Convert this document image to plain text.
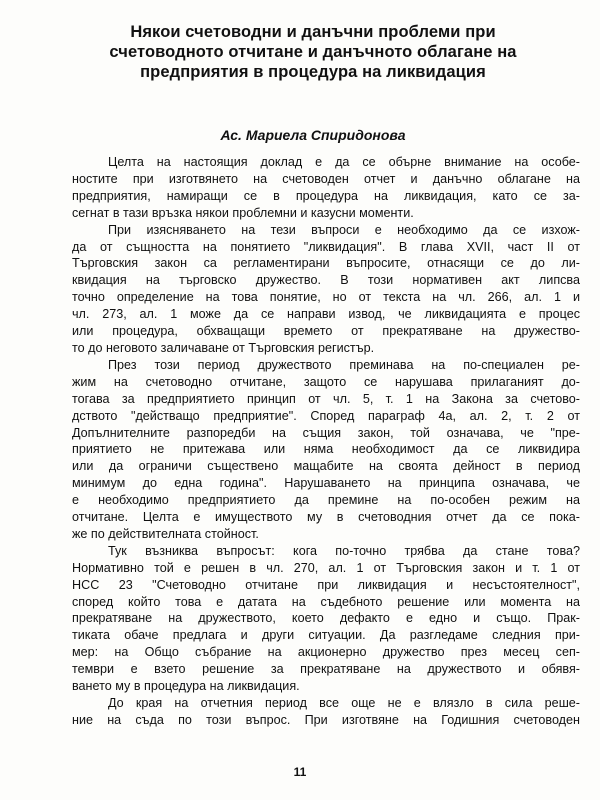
Някои счетоводни и данъчни проблеми при
счетоводното отчитане и данъчното облагане на
предприятия в процедура на ликвидация
Ас. Мариела Спиридонова
Целта на настоящия доклад е да се обърне внимание на особе-
ностите при изготвянето на счетоводен отчет и данъчно облагане на
предприятия, намиращи се в процедура на ликвидация, като се за-
сегнат в тази връзка някои проблемни и казусни моменти.
При изясняването на тези въпроси е необходимо да се изхож-
да от същността на понятието "ликвидация". В глава XVII, част II от
Търговския закон са регламентирани въпросите, отнасящи се до ли-
квидация на търговско дружество. В този нормативен акт липсва
точно определение на това понятие, но от текста на чл. 266, ал. 1 и
чл. 273, ал. 1 може да се направи извод, че ликвидацията е процес
или процедура, обхващащи времето от прекратяване на дружество-
то до неговото заличаване от Търговския регистър.
През този период дружеството преминава на по-специален ре-
жим на счетоводно отчитане, защото се нарушава прилаганият до-
тогава за предприятието принцип от чл. 5, т. 1 на Закона за счетово-
дството "действащо предприятие". Според параграф 4а, ал. 2, т. 2 от
Допълнителните разпоредби на същия закон, той означава, че "пре-
приятието не притежава или няма необходимост да се ликвидира
или да ограничи съществено мащабите на своята дейност в период
минимум до една година". Нарушаването на принципа означава, че
е необходимо предприятието да премине на по-особен режим на
отчитане. Целта е имуществото му в счетоводния отчет да се пока-
же по действителната стойност.
Тук възниква въпросът: кога по-точно трябва да стане това?
Нормативно той е решен в чл. 270, ал. 1 от Търговския закон и т. 1 от
НСС 23 "Счетоводно отчитане при ликвидация и несъстоятелност",
според който това е датата на съдебното решение или момента на
прекратяване на дружеството, което дефакто е едно и също. Прак-
тиката обаче предлага и други ситуации. Да разгледаме следния при-
мер: на Общо събрание на акционерно дружество през месец сеп-
тември е взето решение за прекратяване на дружеството и обявя-
ването му в процедура на ликвидация.
До края на отчетния период все още не е влязло в сила реше-
ние на съда по този въпрос. При изготвяне на Годишния счетоводен
11
